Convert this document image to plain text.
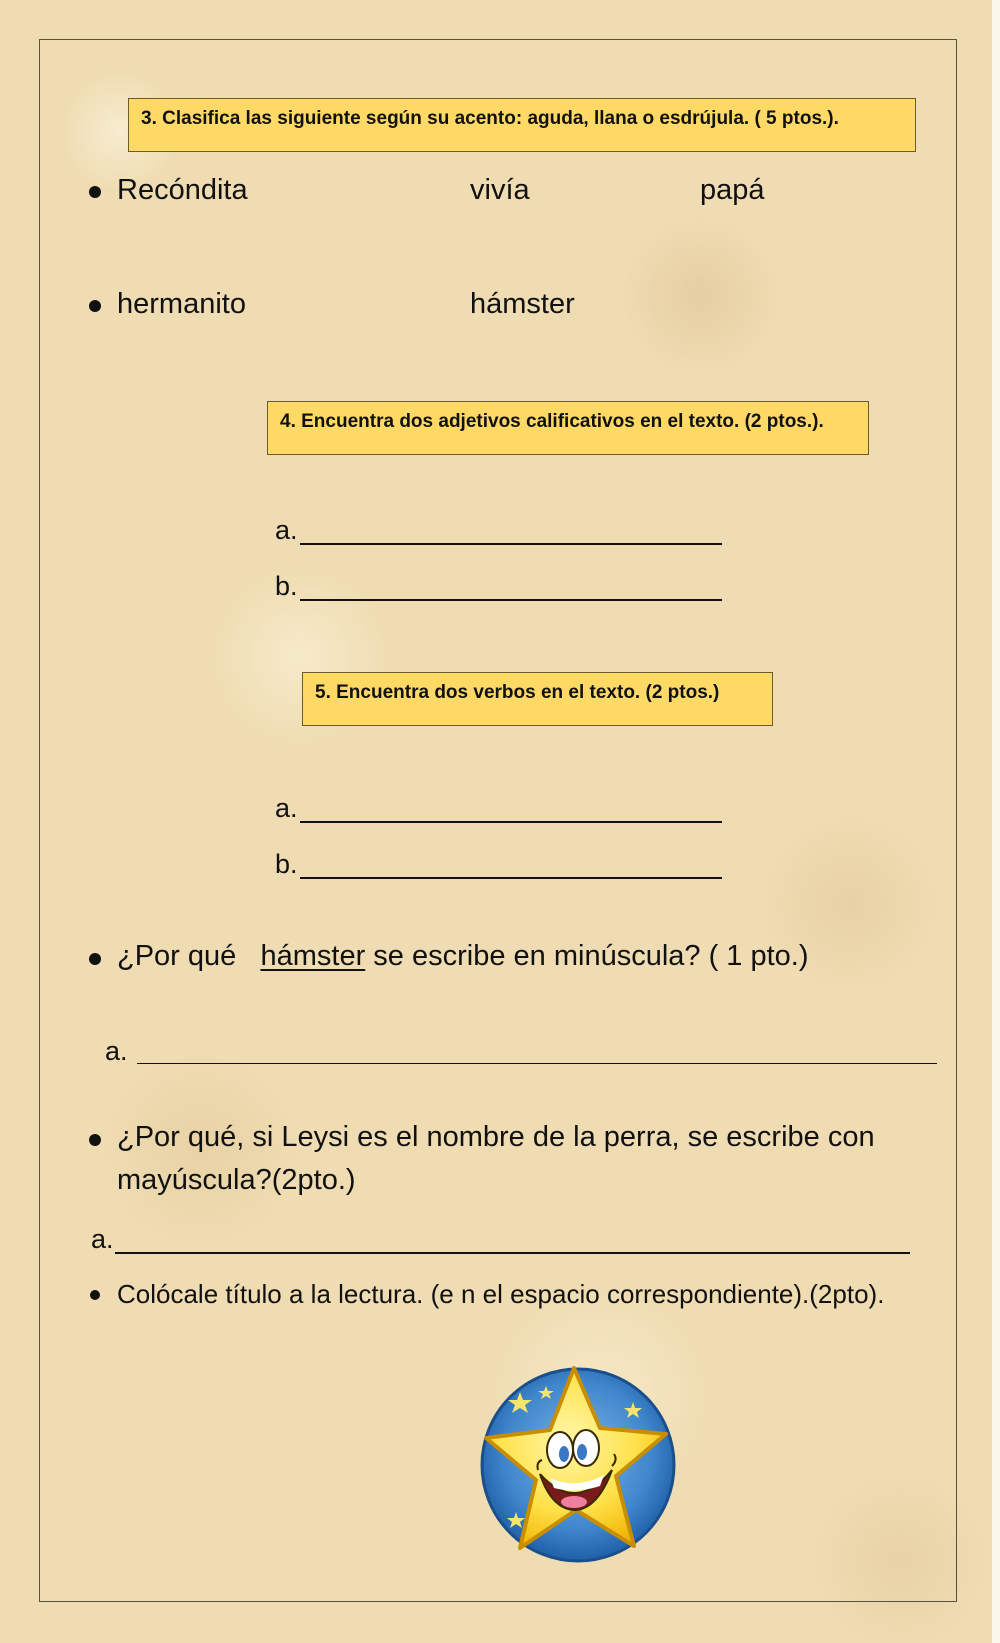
3. Clasifica las siguiente según su acento: aguda, llana o esdrújula. ( 5 ptos.).
Recóndita	vivía	papá
hermanito	hámster
4. Encuentra dos adjetivos calificativos en el texto. (2 ptos.).
a.
b.
5. Encuentra dos verbos en el texto. (2 ptos.)
a.
b.
¿Por qué hámster se escribe en minúscula? ( 1 pto.)
a.
¿Por qué, si Leysi es el nombre de la perra, se escribe con
mayúscula?(2pto.)
a.
Colócale título a la lectura. (e n el espacio correspondiente).(2pto).
